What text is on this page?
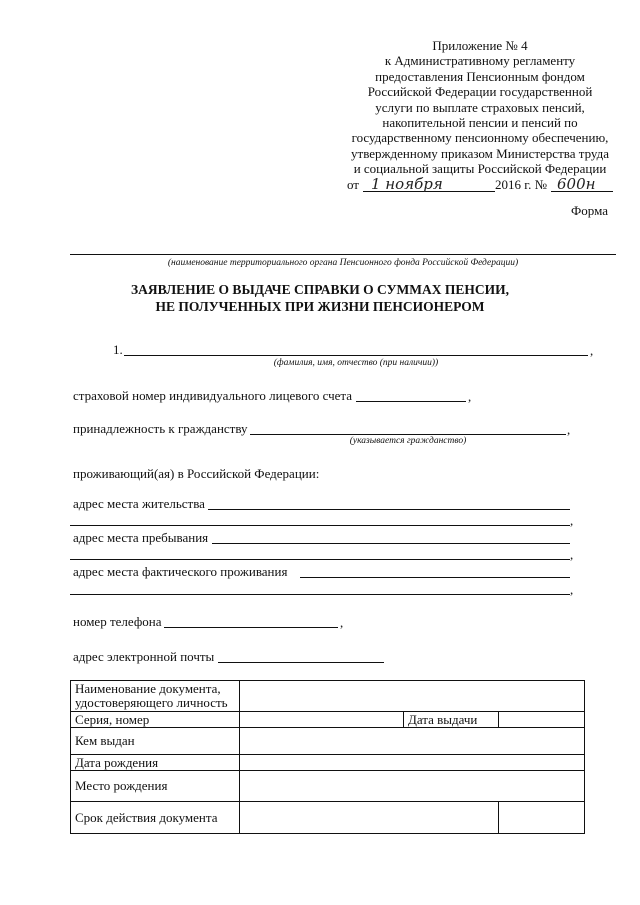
Приложение № 4
к Административному регламенту
предоставления Пенсионным фондом
Российской Федерации государственной
услуги по выплате страховых пенсий,
накопительной пенсии и пенсий по
государственному пенсионному обеспечению,
утвержденному приказом Министерства труда
и социальной защиты Российской Федерации
от 1 ноября	2016 г. № 600н
Форма
(наименование территориального органа Пенсионного фонда Российской Федерации)
ЗАЯВЛЕНИЕ О ВЫДАЧЕ СПРАВКИ О СУММАХ ПЕНСИИ,
НЕ ПОЛУЧЕННЫХ ПРИ ЖИЗНИ ПЕНСИОНЕРОМ
1.	,
(фамилия, имя, отчество (при наличии))
страховой номер индивидуального лицевого счета	,
принадлежность к гражданству	,
(указывается гражданство)
проживающий(ая) в Российской Федерации:
адрес места жительства
,
адрес места пребывания
,
адрес места фактического проживания
,
номер телефона	,
адрес электронной почты
Наименование документа,
удостоверяющего личность			

Серия, номер		Дата выдачи	
Кем выдан			
Дата рождения			
Место рождения			
Срок действия документа			
